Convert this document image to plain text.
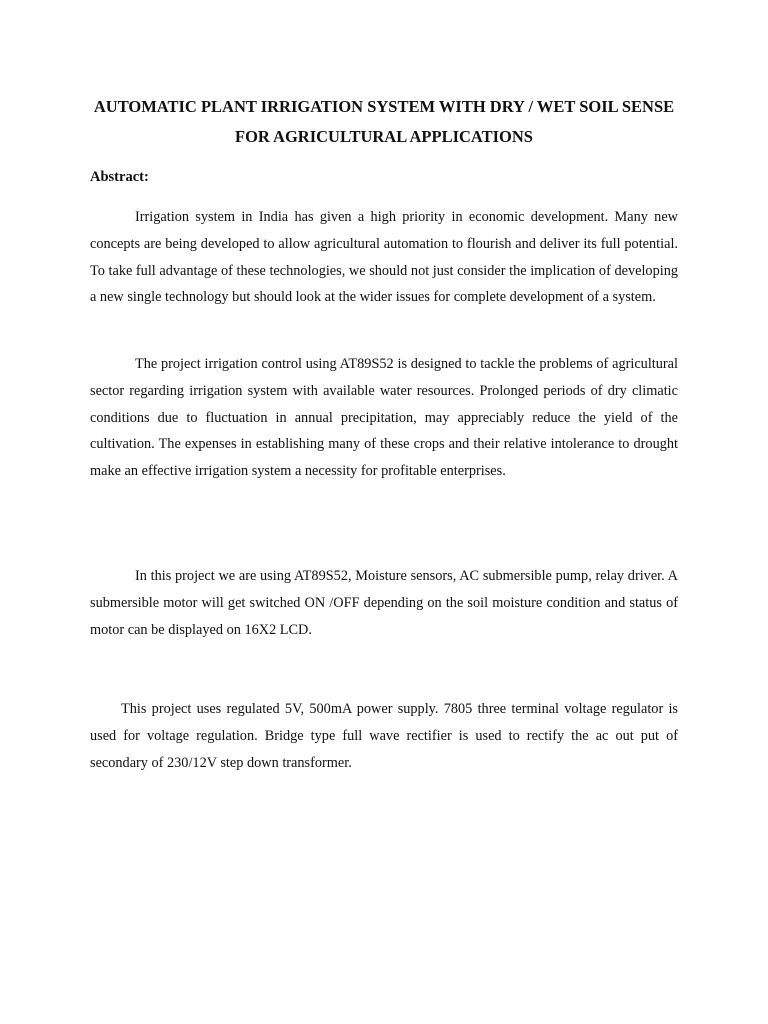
AUTOMATIC PLANT IRRIGATION SYSTEM WITH DRY / WET SOIL SENSE FOR AGRICULTURAL APPLICATIONS
Abstract:

Irrigation system in India has given a high priority in economic development. Many new concepts are being developed to allow agricultural automation to flourish and deliver its full potential. To take full advantage of these technologies, we should not just consider the implication of developing a new single technology but should look at the wider issues for complete development of a system.

The project irrigation control using AT89S52 is designed to tackle the problems of agricultural sector regarding irrigation system with available water resources. Prolonged periods of dry climatic conditions due to fluctuation in annual precipitation, may appreciably reduce the yield of the cultivation. The expenses in establishing many of these crops and their relative intolerance to drought make an effective irrigation system a necessity for profitable enterprises.

In this project we are using AT89S52, Moisture sensors, AC submersible pump, relay driver. A submersible motor will get switched ON /OFF depending on the soil moisture condition and status of motor can be displayed on 16X2 LCD.

This project uses regulated 5V, 500mA power supply. 7805 three terminal voltage regulator is used for voltage regulation. Bridge type full wave rectifier is used to rectify the ac out put of secondary of 230/12V step down transformer.
